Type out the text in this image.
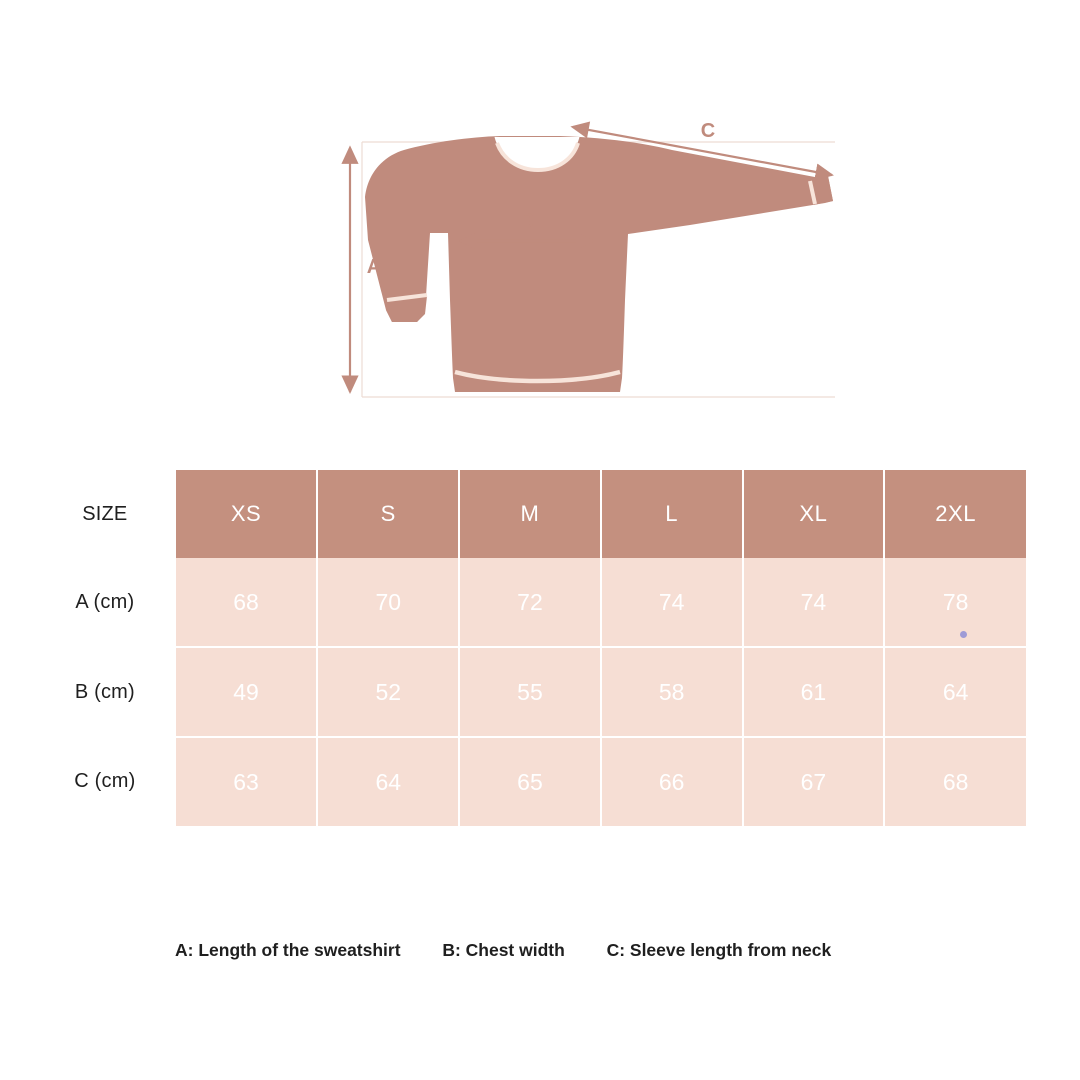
A
B
C
SIZE	XS	S	M	L	XL	2XL
A (cm)	68	70	72	74	74	78
B (cm)	49	52	55	58	61	64
C (cm)	63	64	65	66	67	68
A: Length of the sweatshirt B: Chest width C: Sleeve length from neck
